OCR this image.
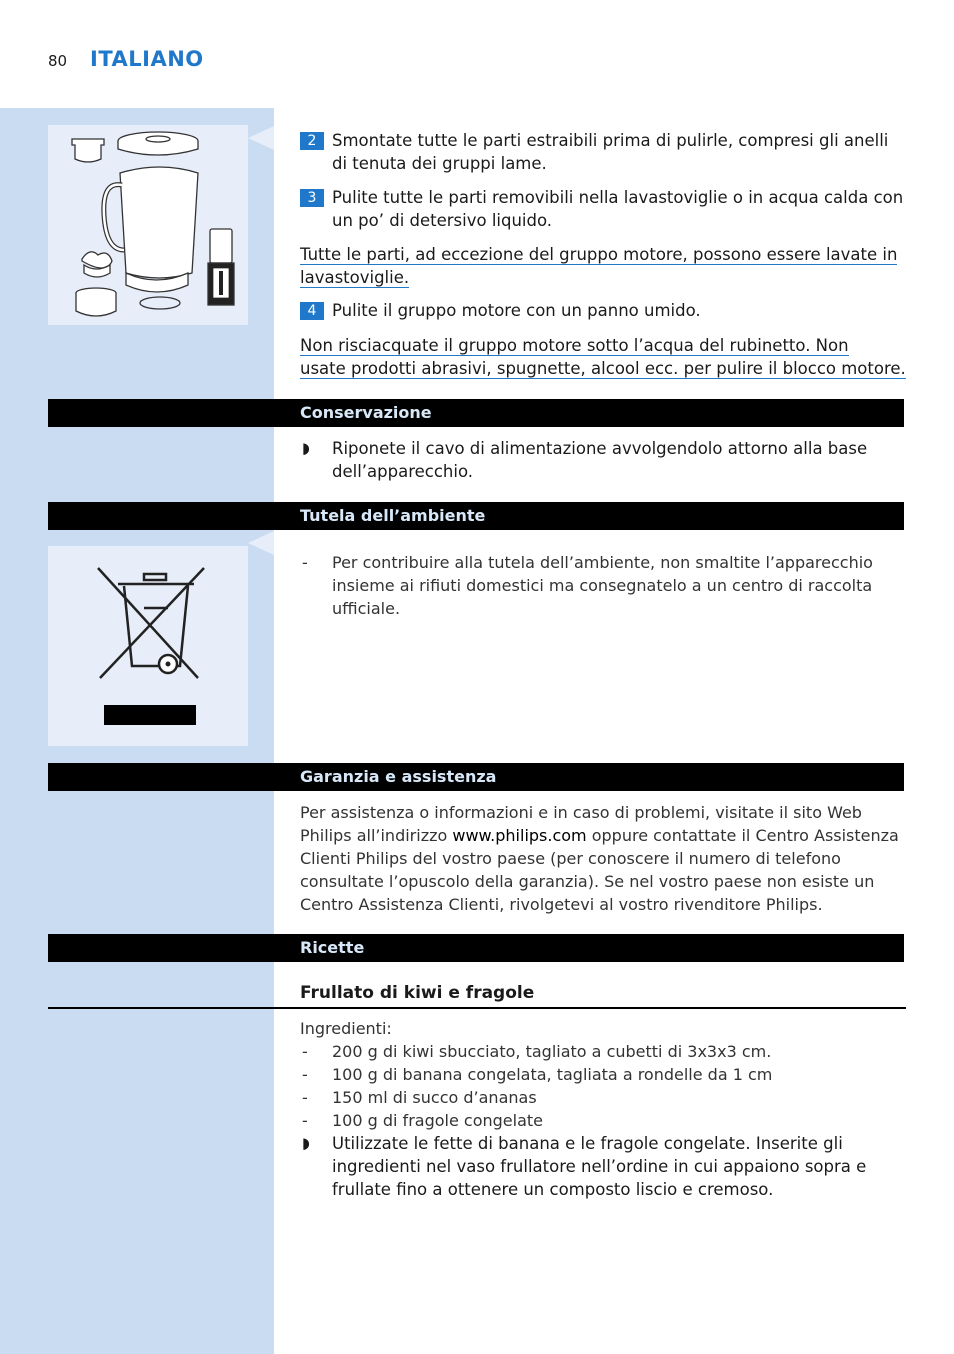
80 ITALIANO

2 Smontate tutte le parti estraibili prima di pulirle, compresi gli anelli di tenuta dei gruppi lame.

3 Pulite tutte le parti removibili nella lavastoviglie o in acqua calda con un po’ di detersivo liquido.

Tutte le parti, ad eccezione del gruppo motore, possono essere lavate in
lavastoviglie.

4 Pulite il gruppo motore con un panno umido.

Non risciacquate il gruppo motore sotto l’acqua del rubinetto. Non
usate prodotti abrasivi, spugnette, alcool ecc. per pulire il blocco motore.
Conservazione

◗ Riponete il cavo di alimentazione avvolgendolo attorno alla base dell’apparecchio.

Tutela dell’ambiente

- Per contribuire alla tutela dell’ambiente, non smaltite l’apparecchio insieme ai rifiuti domestici ma consegnatelo a un centro di raccolta ufficiale.

Garanzia e assistenza
Per assistenza o informazioni e in caso di problemi, visitate il sito Web Philips all’indirizzo www.philips.com oppure contattate il Centro Assistenza Clienti Philips del vostro paese (per conoscere il numero di telefono consultate l’opuscolo della garanzia). Se nel vostro paese non esiste un Centro Assistenza Clienti, rivolgetevi al vostro rivenditore Philips.
Ricette
Frullato di kiwi e fragole

Ingredienti:

- 200 g di kiwi sbucciato, tagliato a cubetti di 3x3x3 cm.

- 100 g di banana congelata, tagliata a rondelle da 1 cm

- 150 ml di succo d’ananas

- 100 g di fragole congelate

◗ Utilizzate le fette di banana e le fragole congelate. Inserite gli ingredienti nel vaso frullatore nell’ordine in cui appaiono sopra e frullate fino a ottenere un composto liscio e cremoso.
